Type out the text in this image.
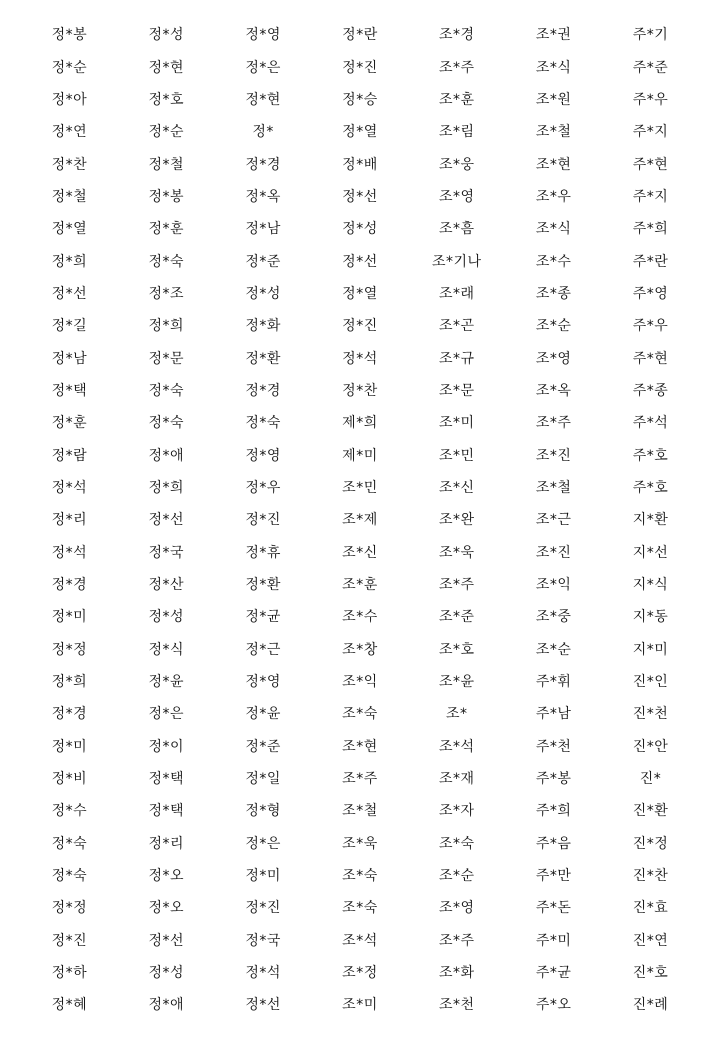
정*봉	정*성	정*영	정*란	조*경	조*권	주*기
정*순	정*현	정*은	정*진	조*주	조*식	주*준
정*아	정*호	정*현	정*승	조*훈	조*원	주*우
정*연	정*순	정*	정*열	조*림	조*철	주*지
정*찬	정*철	정*경	정*배	조*웅	조*현	주*현
정*철	정*봉	정*옥	정*선	조*영	조*우	주*지
정*열	정*훈	정*남	정*성	조*흠	조*식	주*희
정*희	정*숙	정*준	정*선	조*기나	조*수	주*란
정*선	정*조	정*성	정*열	조*래	조*종	주*영
정*길	정*희	정*화	정*진	조*곤	조*순	주*우
정*남	정*문	정*환	정*석	조*규	조*영	주*현
정*택	정*숙	정*경	정*찬	조*문	조*옥	주*종
정*훈	정*숙	정*숙	제*희	조*미	조*주	주*석
정*람	정*애	정*영	제*미	조*민	조*진	주*호
정*석	정*희	정*우	조*민	조*신	조*철	주*호
정*리	정*선	정*진	조*제	조*완	조*근	지*환
정*석	정*국	정*휴	조*신	조*욱	조*진	지*선
정*경	정*산	정*환	조*훈	조*주	조*익	지*식
정*미	정*성	정*균	조*수	조*준	조*중	지*동
정*정	정*식	정*근	조*창	조*호	조*순	지*미
정*희	정*윤	정*영	조*익	조*윤	주*휘	진*인
정*경	정*은	정*윤	조*숙	조*	주*남	진*천
정*미	정*이	정*준	조*현	조*석	주*천	진*안
정*비	정*택	정*일	조*주	조*재	주*봉	진*
정*수	정*택	정*형	조*철	조*자	주*희	진*환
정*숙	정*리	정*은	조*욱	조*숙	주*음	진*정
정*숙	정*오	정*미	조*숙	조*순	주*만	진*찬
정*정	정*오	정*진	조*숙	조*영	주*돈	진*효
정*진	정*선	정*국	조*석	조*주	주*미	진*연
정*하	정*성	정*석	조*정	조*화	주*균	진*호
정*혜	정*애	정*선	조*미	조*천	주*오	진*례
